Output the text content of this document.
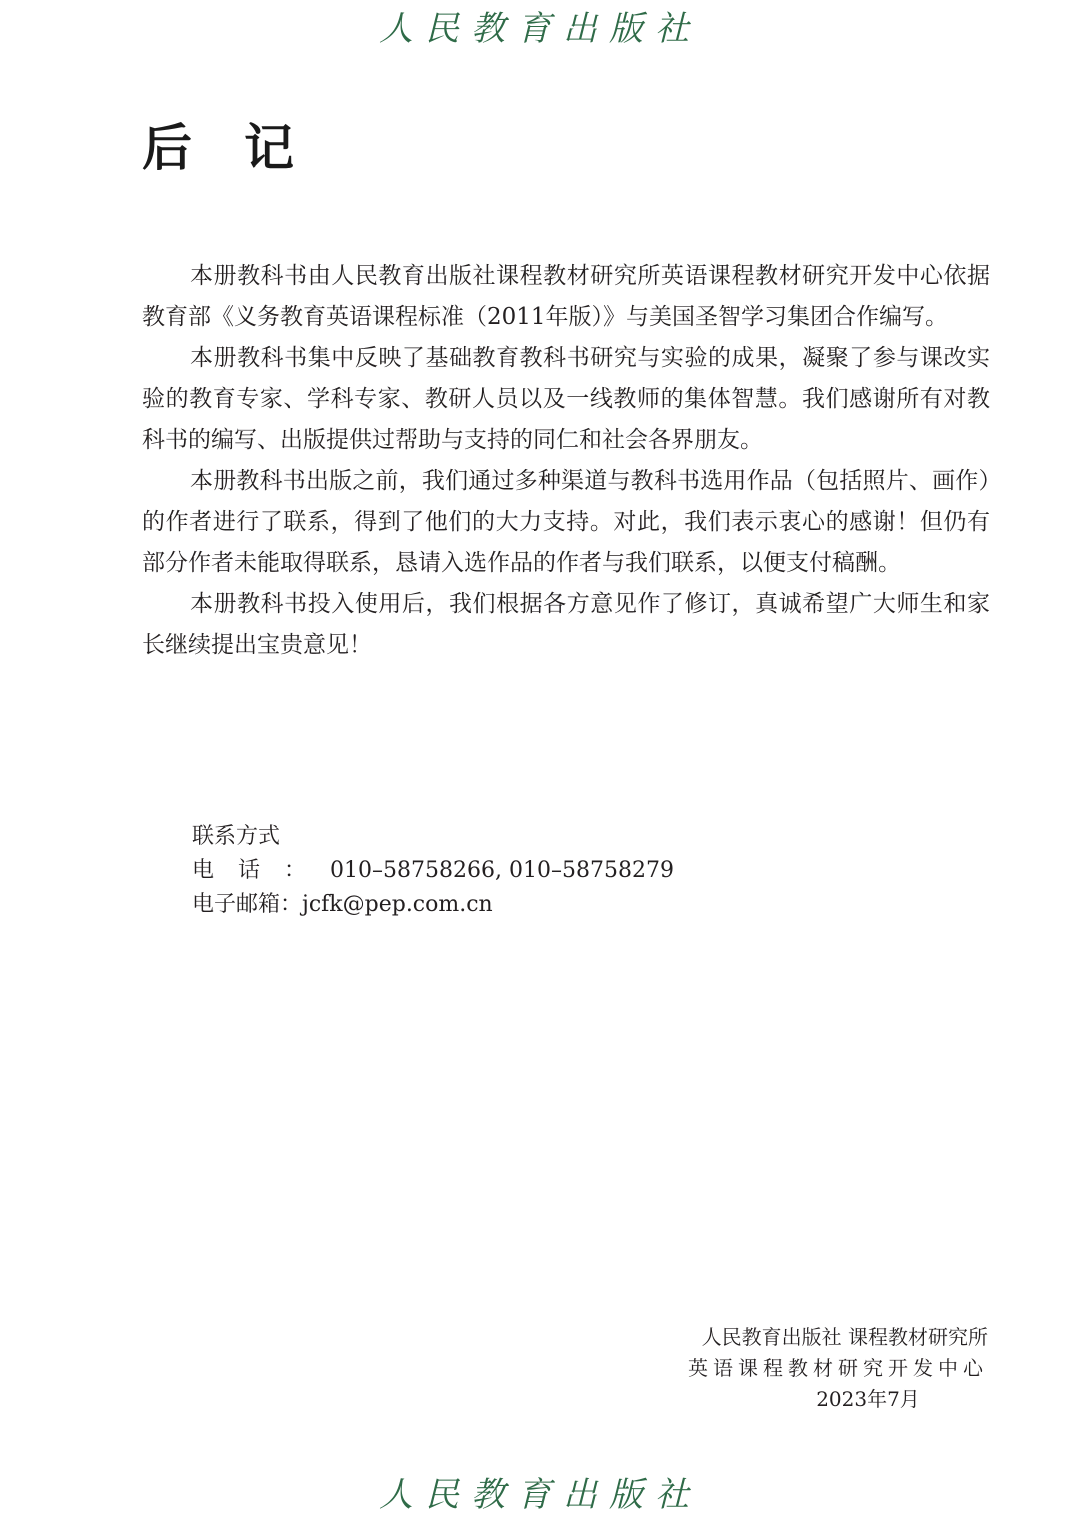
人民教育出版社
后记

本册教科书由人民教育出版社课程教材研究所英语课程教材研究开发中心依据教育部《义务教育英语课程标准（2011年版）》与美国圣智学习集团合作编写。

本册教科书集中反映了基础教育教科书研究与实验的成果，凝聚了参与课改实验的教育专家、学科专家、教研人员以及一线教师的集体智慧。我们感谢所有对教科书的编写、出版提供过帮助与支持的同仁和社会各界朋友。

本册教科书出版之前，我们通过多种渠道与教科书选用作品（包括照片、画作）的作者进行了联系，得到了他们的大力支持。对此，我们表示衷心的感谢！但仍有部分作者未能取得联系，恳请入选作品的作者与我们联系，以便支付稿酬。

本册教科书投入使用后，我们根据各方意见作了修订，真诚希望广大师生和家长继续提出宝贵意见！

联系方式
电话：010–58758266, 010–58758279
电子邮箱：jcfk@pep.com.cn
人民教育出版社 课程教材研究所
英语课程教材研究开发中心
2023年7月
人民教育出版社
